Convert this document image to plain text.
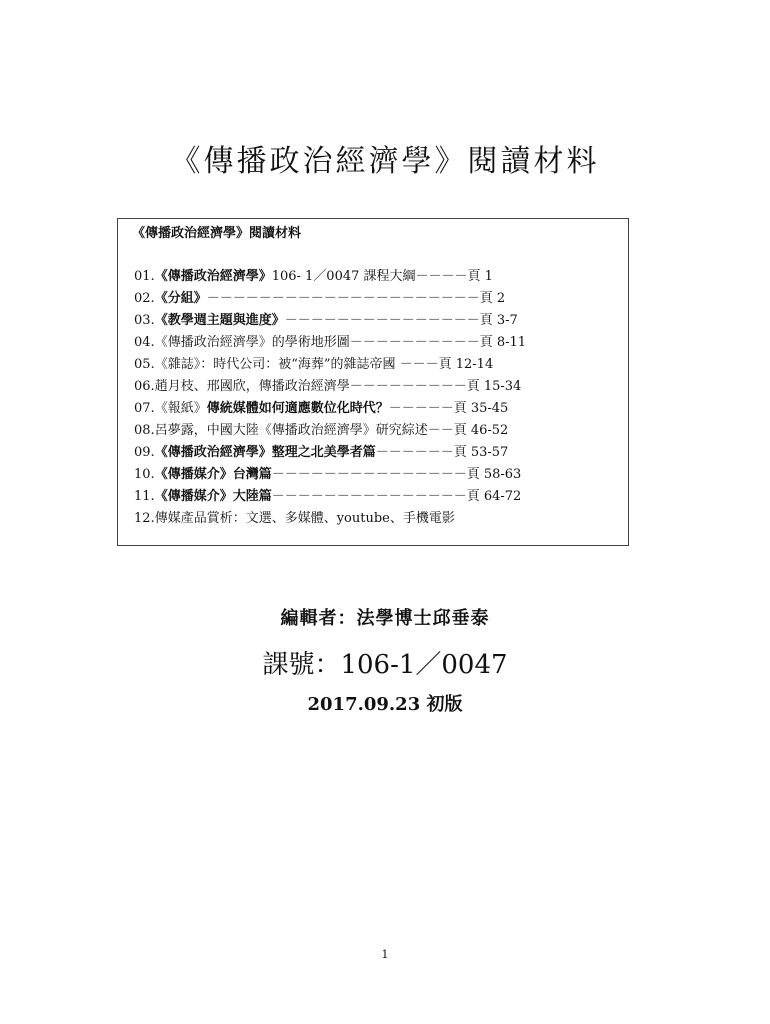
《傳播政治經濟學》閱讀材料
《傳播政治經濟學》閱讀材料
01.《傳播政治經濟學》106- 1／0047 課程大綱－－－－頁 1
02.《分組》－－－－－－－－－－－－－－－－－－－－－頁 2
03.《教學週主題與進度》－－－－－－－－－－－－－－－頁 3-7
04.《傳播政治經濟學》的學術地形圖－－－－－－－－－－頁 8-11
05.《雜誌》：時代公司：被“海葬”的雜誌帝國 －－－頁 12-14
06.趙月枝、邢國欣，傳播政治經濟學－－－－－－－－－頁 15-34
07.《報紙》傳統媒體如何適應數位化時代？－－－－－頁 35-45
08.呂夢露，中國大陸《傳播政治經濟學》研究綜述－－頁 46-52
09.《傳播政治經濟學》整理之北美學者篇－－－－－－頁 53-57
10.《傳播媒介》台灣篇－－－－－－－－－－－－－－－頁 58-63
11.《傳播媒介》大陸篇－－－－－－－－－－－－－－－頁 64-72
12.傳媒產品賞析：文選、多媒體、youtube、手機電影
編輯者：法學博士邱垂泰
課號：106-1／0047
2017.09.23 初版
1
